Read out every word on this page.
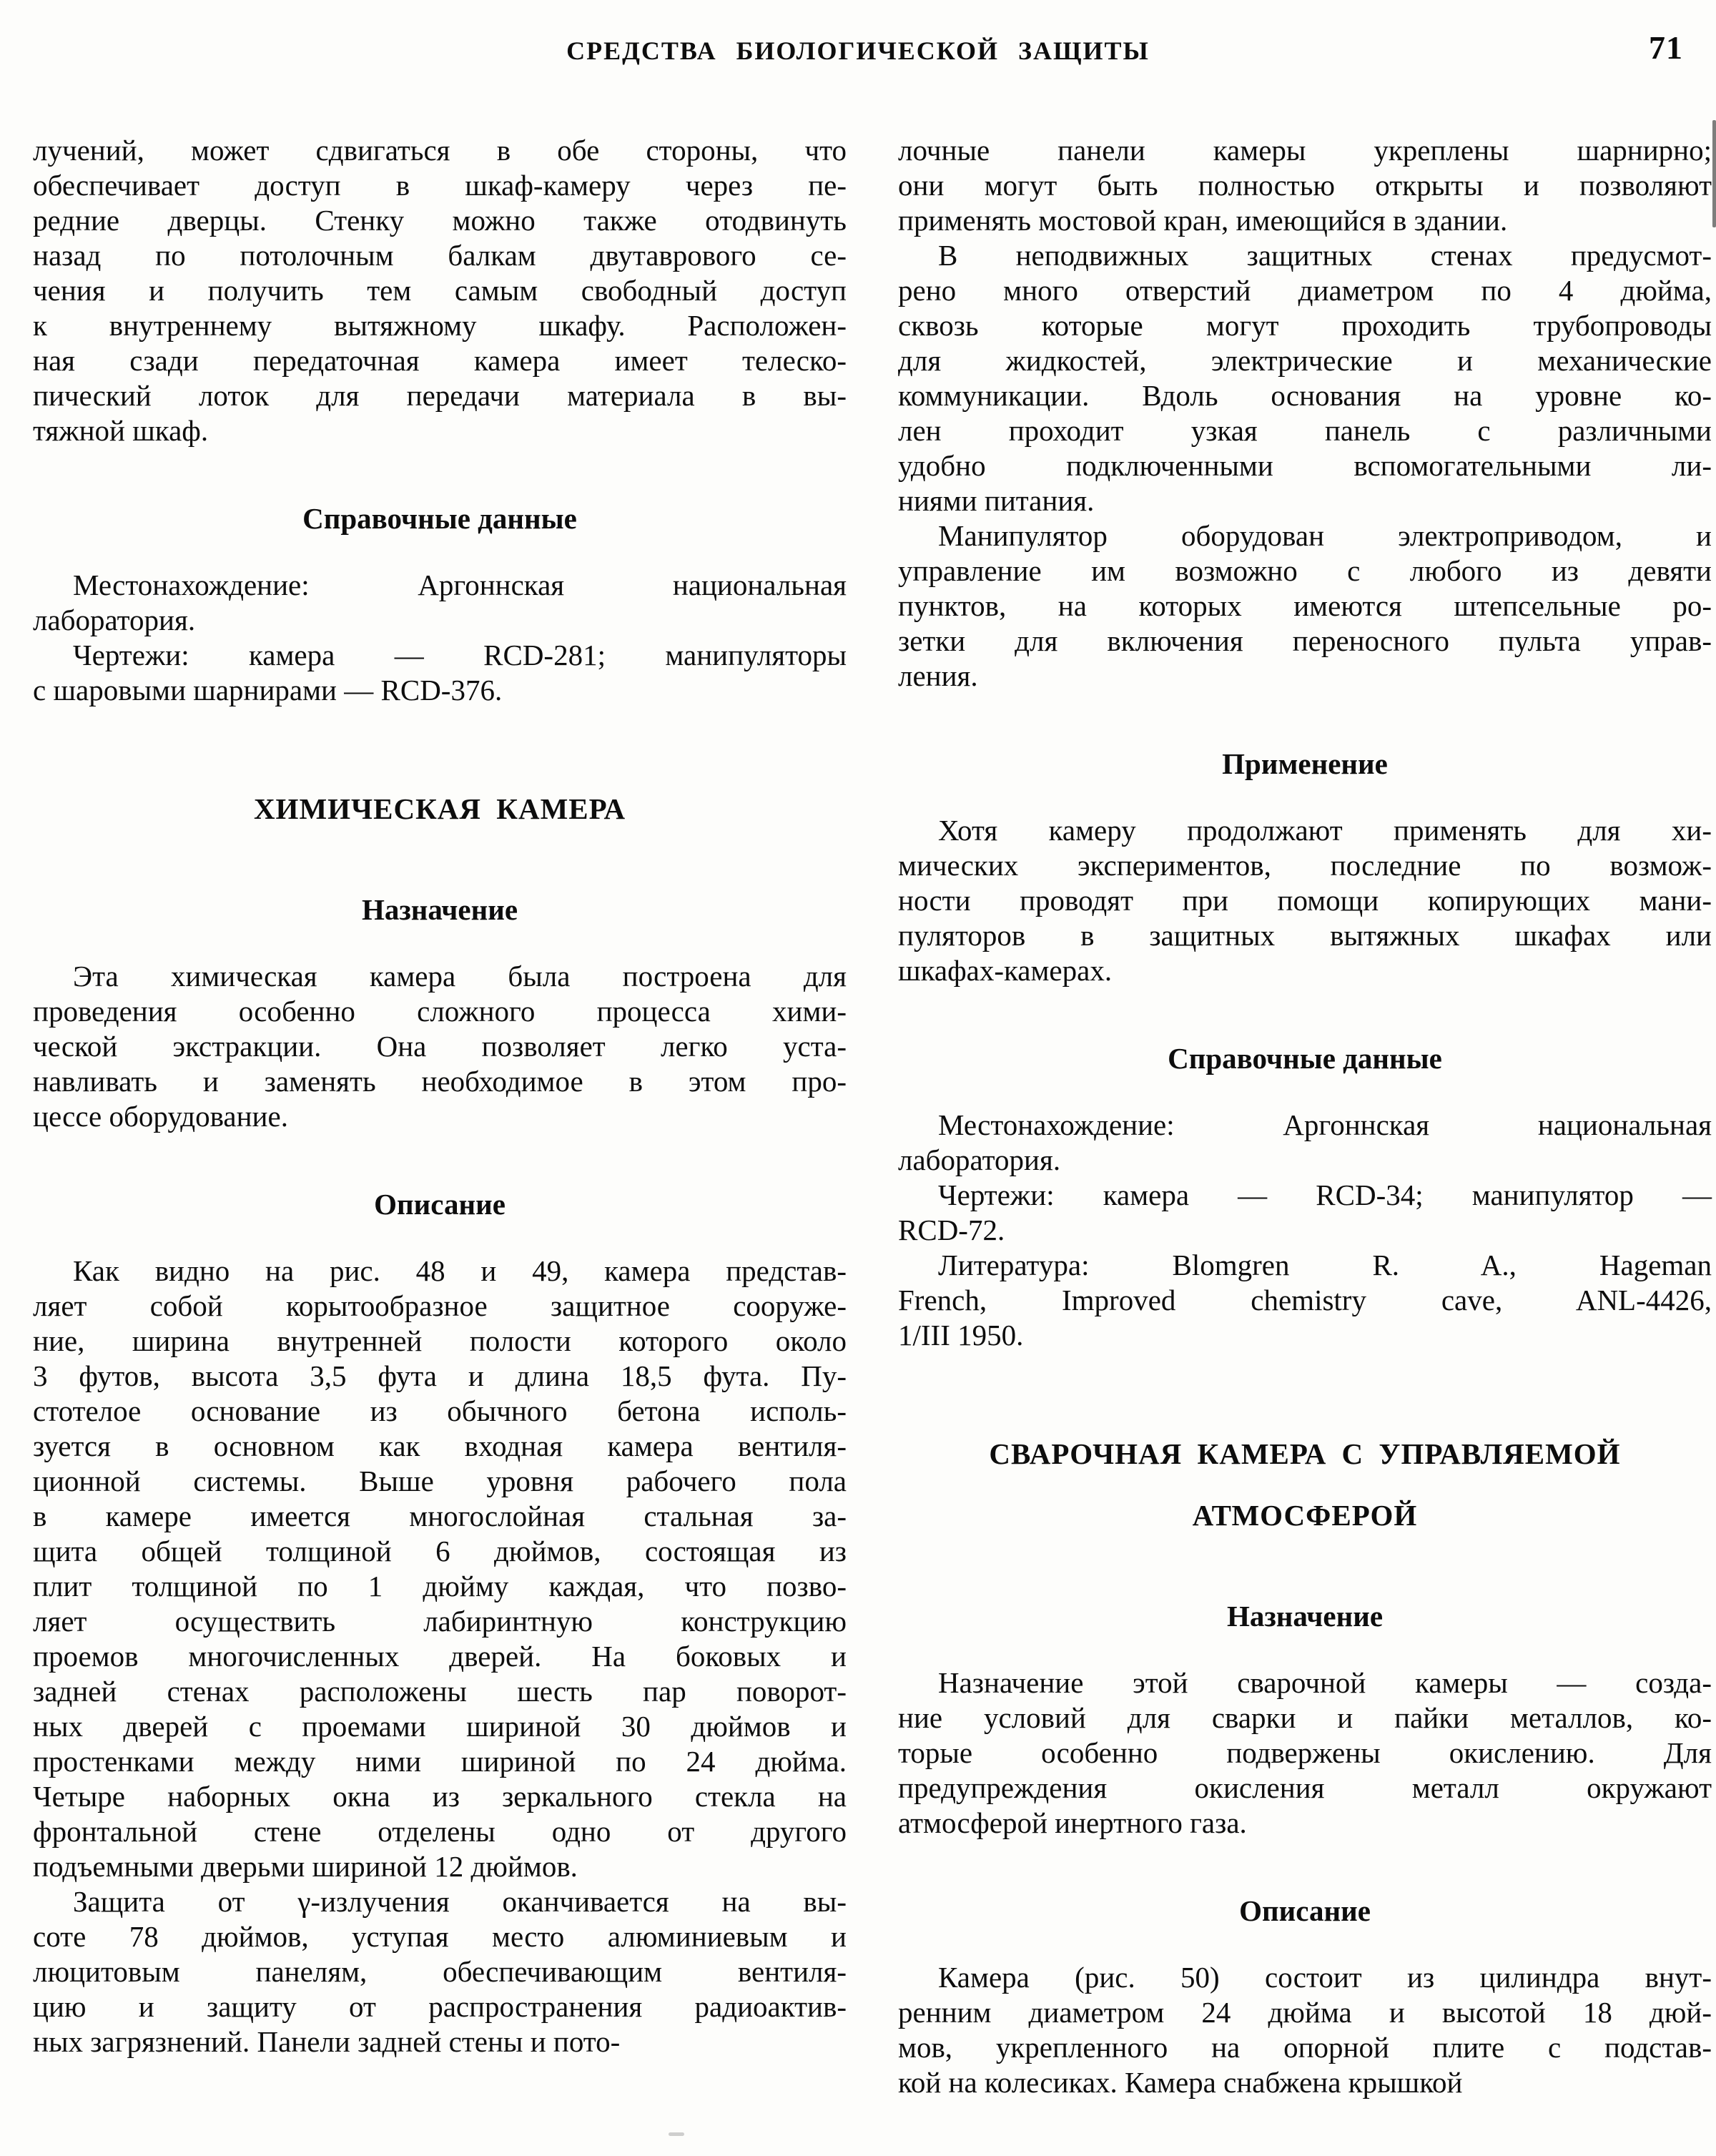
СРЕДСТВА БИОЛОГИЧЕСКОЙ ЗАЩИТЫ	71
лучений, может сдвигаться в обе стороны, что
обеспечивает доступ в шкаф-камеру через пе-
редние дверцы. Стенку можно также отодвинуть
назад по потолочным балкам двутаврового се-
чения и получить тем самым свободный доступ
к внутреннему вытяжному шкафу. Расположен-
ная сзади передаточная камера имеет телеско-
пический лоток для передачи материала в вы-
тяжной шкаф.
Справочные данные
Местонахождение: Аргоннская национальная
лаборатория.
Чертежи: камера — RCD-281; манипуляторы
с шаровыми шарнирами — RCD-376.
ХИМИЧЕСКАЯ КАМЕРА
Назначение
Эта химическая камера была построена для
проведения особенно сложного процесса хими-
ческой экстракции. Она позволяет легко уста-
навливать и заменять необходимое в этом про-
цессе оборудование.
Описание
Как видно на рис. 48 и 49, камера представ-
ляет собой корытообразное защитное сооруже-
ние, ширина внутренней полости которого около
3 футов, высота 3,5 фута и длина 18,5 фута. Пу-
стотелое основание из обычного бетона исполь-
зуется в основном как входная камера вентиля-
ционной системы. Выше уровня рабочего пола
в камере имеется многослойная стальная за-
щита общей толщиной 6 дюймов, состоящая из
плит толщиной по 1 дюйму каждая, что позво-
ляет осуществить лабиринтную конструкцию
проемов многочисленных дверей. На боковых и
задней стенах расположены шесть пар поворот-
ных дверей с проемами шириной 30 дюймов и
простенками между ними шириной по 24 дюйма.
Четыре наборных окна из зеркального стекла на
фронтальной стене отделены одно от другого
подъемными дверьми шириной 12 дюймов.
Защита от γ-излучения оканчивается на вы-
соте 78 дюймов, уступая место алюминиевым и
люцитовым панелям, обеспечивающим вентиля-
цию и защиту от распространения радиоактив-
ных загрязнений. Панели задней стены и пото-
лочные панели камеры укреплены шарнирно;
они могут быть полностью открыты и позволяют
применять мостовой кран, имеющийся в здании.
В неподвижных защитных стенах предусмот-
рено много отверстий диаметром по 4 дюйма,
сквозь которые могут проходить трубопроводы
для жидкостей, электрические и механические
коммуникации. Вдоль основания на уровне ко-
лен проходит узкая панель с различными
удобно подключенными вспомогательными ли-
ниями питания.
Манипулятор оборудован электроприводом, и
управление им возможно с любого из девяти
пунктов, на которых имеются штепсельные ро-
зетки для включения переносного пульта управ-
ления.
Применение
Хотя камеру продолжают применять для хи-
мических экспериментов, последние по возмож-
ности проводят при помощи копирующих мани-
пуляторов в защитных вытяжных шкафах или
шкафах-камерах.
Справочные данные
Местонахождение: Аргоннская национальная
лаборатория.
Чертежи: камера — RCD-34; манипулятор —
RCD-72.
Литература: Blomgren R. A., Hageman
French, Improved chemistry cave, ANL-4426,
1/III 1950.
СВАРОЧНАЯ КАМЕРА С УПРАВЛЯЕМОЙ
АТМОСФЕРОЙ
Назначение
Назначение этой сварочной камеры — созда-
ние условий для сварки и пайки металлов, ко-
торые особенно подвержены окислению. Для
предупреждения окисления металл окружают
атмосферой инертного газа.
Описание
Камера (рис. 50) состоит из цилиндра внут-
ренним диаметром 24 дюйма и высотой 18 дюй-
мов, укрепленного на опорной плите с подстав-
кой на колесиках. Камера снабжена крышкой
